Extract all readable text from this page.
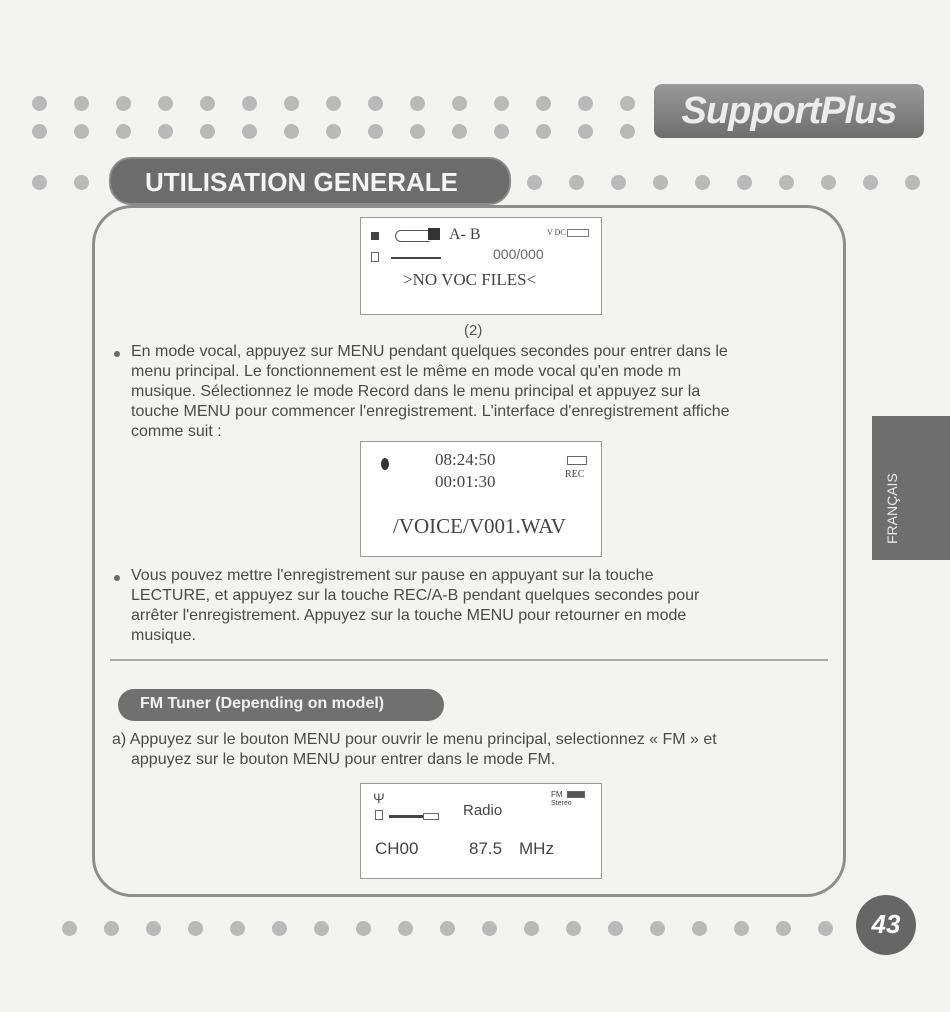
SupportPlus
UTILISATION GENERALE
A- B	V DC
000/000
>NO VOC FILES<
(2)
En mode vocal, appuyez sur MENU pendant quelques secondes pour entrer dans le
menu principal. Le fonctionnement est le même en mode vocal qu'en mode m
musique. Sélectionnez le mode Record dans le menu principal et appuyez sur la
touche MENU pour commencer l'enregistrement. L'interface d'enregistrement affiche
comme suit :
08:24:50
00:01:30	REC
/VOICE/V001.WAV
Vous pouvez mettre l'enregistrement sur pause en appuyant sur la touche
LECTURE, et appuyez sur la touche REC/A-B pendant quelques secondes pour
arrêter l'enregistrement. Appuyez sur la touche MENU pour retourner en mode
musique.
FM Tuner (Depending on model)
a) Appuyez sur le bouton MENU pour ouvrir le menu principal, selectionnez « FM » et
appuyez sur le bouton MENU pour entrer dans le mode FM.
Ψ
Radio
FM
Stereo
CH00	87.5 MHz
FRANÇAIS
43
